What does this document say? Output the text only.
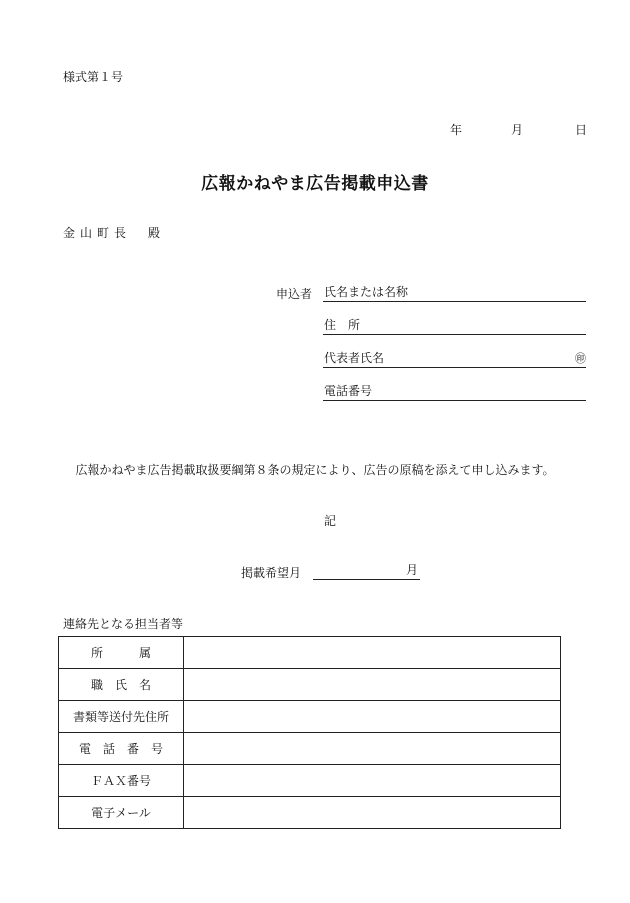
様式第１号
年	月	日
広報かねやま広告掲載申込書
金山町長　殿
申込者 氏名または名称
住　所
代表者氏名	㊞
電話番号
広報かねやま広告掲載取扱要綱第８条の規定により、広告の原稿を添えて申し込みます。
記
掲載希望月	月
連絡先となる担当者等
所　　　属	
職　氏　名	
書類等送付先住所	
電　話　番　号	
ＦＡＸ番号	
電子メール	
